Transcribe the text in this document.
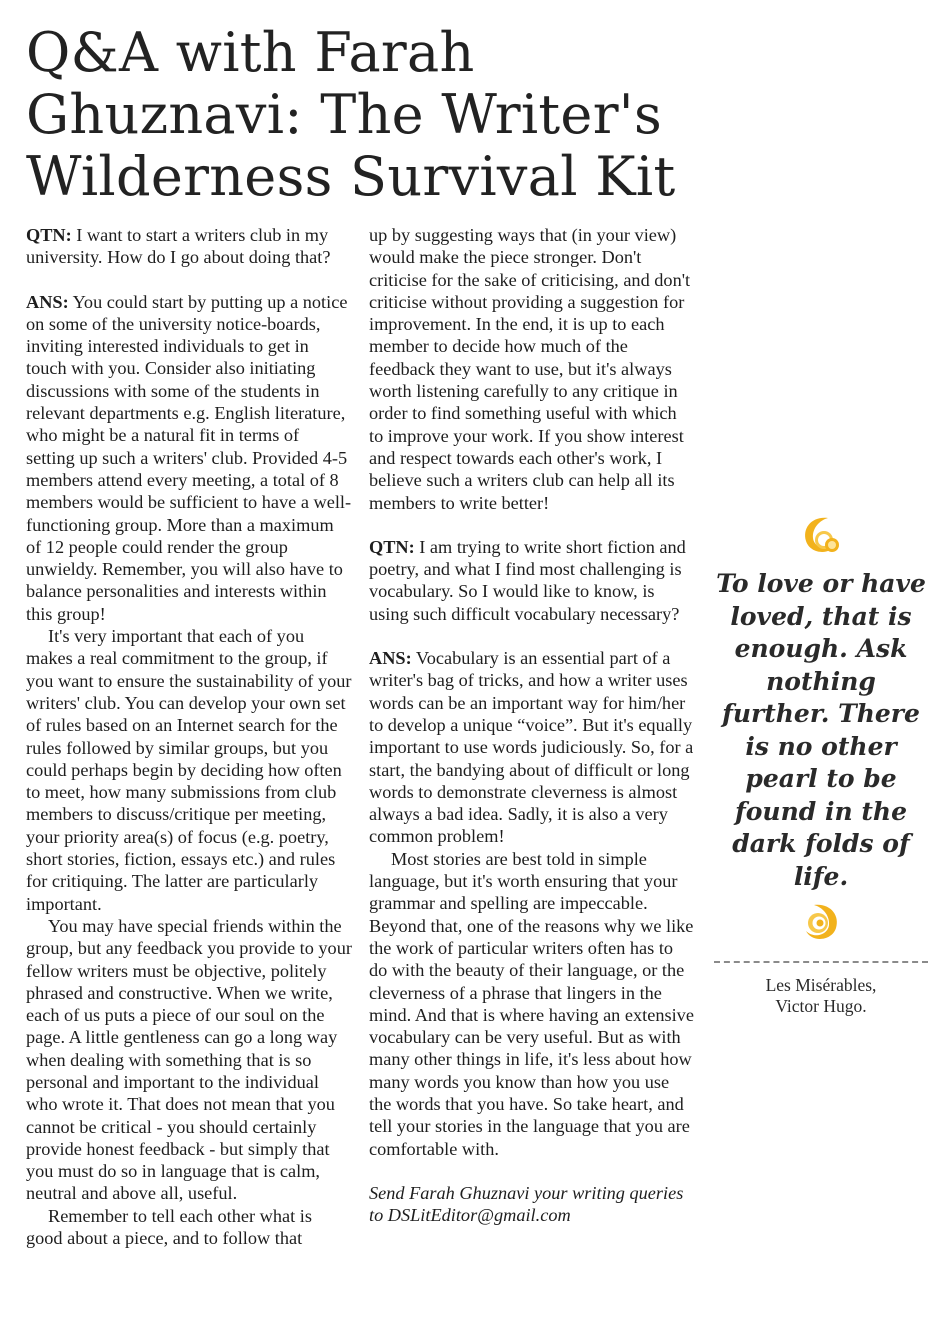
Q&A with Farah Ghuznavi: The Writer's Wilderness Survival Kit

QTN: I want to start a writers club in my university. How do I go about doing that?

ANS: You could start by putting up a notice on some of the university notice-boards, inviting interested individuals to get in touch with you. Consider also initiating discussions with some of the students in relevant departments e.g. English literature, who might be a natural fit in terms of setting up such a writers' club. Provided 4-5 members attend every meeting, a total of 8 members would be sufficient to have a well-functioning group. More than a maximum of 12 people could render the group unwieldy. Remember, you will also have to balance personalities and interests within this group!

It's very important that each of you makes a real commitment to the group, if you want to ensure the sustainability of your writers' club. You can develop your own set of rules based on an Internet search for the rules followed by similar groups, but you could perhaps begin by deciding how often to meet, how many submissions from club members to discuss/critique per meeting, your priority area(s) of focus (e.g. poetry, short stories, fiction, essays etc.) and rules for critiquing. The latter are particularly important.

You may have special friends within the group, but any feedback you provide to your fellow writers must be objective, politely phrased and constructive. When we write, each of us puts a piece of our soul on the page. A little gentleness can go a long way when dealing with something that is so personal and important to the individual who wrote it. That does not mean that you cannot be critical - you should certainly provide honest feedback - but simply that you must do so in language that is calm, neutral and above all, useful.

Remember to tell each other what is good about a piece, and to follow that

up by suggesting ways that (in your view) would make the piece stronger. Don't criticise for the sake of criticising, and don't criticise without providing a suggestion for improvement. In the end, it is up to each member to decide how much of the feedback they want to use, but it's always worth listening carefully to any critique in order to find something useful with which to improve your work. If you show interest and respect towards each other's work, I believe such a writers club can help all its members to write better!

QTN: I am trying to write short fiction and poetry, and what I find most challenging is vocabulary. So I would like to know, is using such difficult vocabulary necessary?

ANS: Vocabulary is an essential part of a writer's bag of tricks, and how a writer uses words can be an important way for him/her to develop a unique “voice”. But it's equally important to use words judiciously. So, for a start, the bandying about of difficult or long words to demonstrate cleverness is almost always a bad idea. Sadly, it is also a very common problem!

Most stories are best told in simple language, but it's worth ensuring that your grammar and spelling are impeccable. Beyond that, one of the reasons why we like the work of particular writers often has to do with the beauty of their language, or the cleverness of a phrase that lingers in the mind. And that is where having an extensive vocabulary can be very useful. But as with many other things in life, it's less about how many words you know than how you use the words that you have. So take heart, and tell your stories in the language that you are comfortable with.

Send Farah Ghuznavi your writing queries to DSLitEditor@gmail.com

To love or have loved, that is enough. Ask nothing further. There is no other pearl to be found in the dark folds of life.
Les Misérables,
Victor Hugo.
